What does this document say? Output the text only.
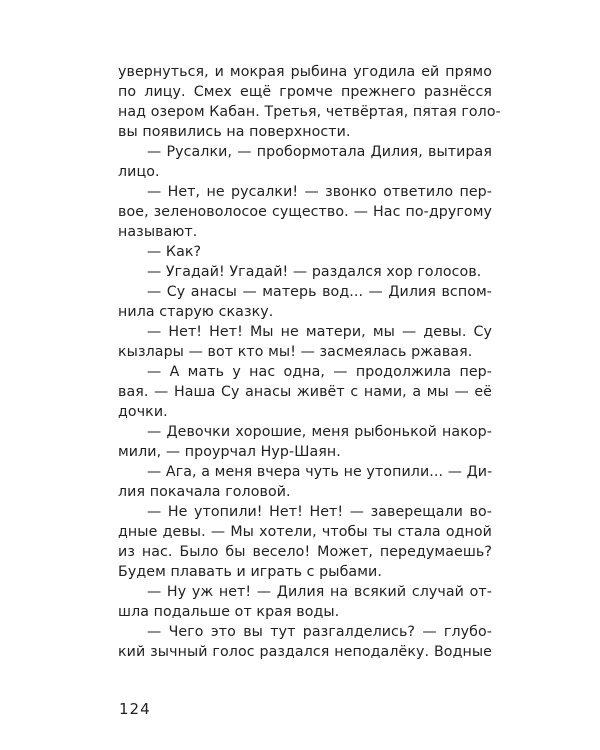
увернуться, и мокрая рыбина угодила ей прямо
по лицу. Смех ещё громче прежнего разнёсся
над озером Кабан. Третья, четвёртая, пятая голо-
вы появились на поверхности.
— Русалки, — пробормотала Дилия, вытирая
лицо.
— Нет, не русалки! — звонко ответило пер-
вое, зеленоволосое существо. — Нас по-другому
называют.
— Как?
— Угадай! Угадай! — раздался хор голосов.
— Су анасы — матерь вод... — Дилия вспом-
нила старую сказку.
— Нет! Нет! Мы не матери, мы — девы. Су
кызлары — вот кто мы! — засмеялась ржавая.
— А мать у нас одна, — продолжила пер-
вая. — Наша Су анасы живёт с нами, а мы — её
дочки.
— Девочки хорошие, меня рыбонькой накор-
мили, — проурчал Нур-Шаян.
— Ага, а меня вчера чуть не утопили... — Ди-
лия покачала головой.
— Не утопили! Нет! Нет! — заверещали во-
дные девы. — Мы хотели, чтобы ты стала одной
из нас. Было бы весело! Может, передумаешь?
Будем плавать и играть с рыбами.
— Ну уж нет! — Дилия на всякий случай от-
шла подальше от края воды.
— Чего это вы тут разгалделись? — глубо-
кий зычный голос раздался неподалёку. Водные
124
